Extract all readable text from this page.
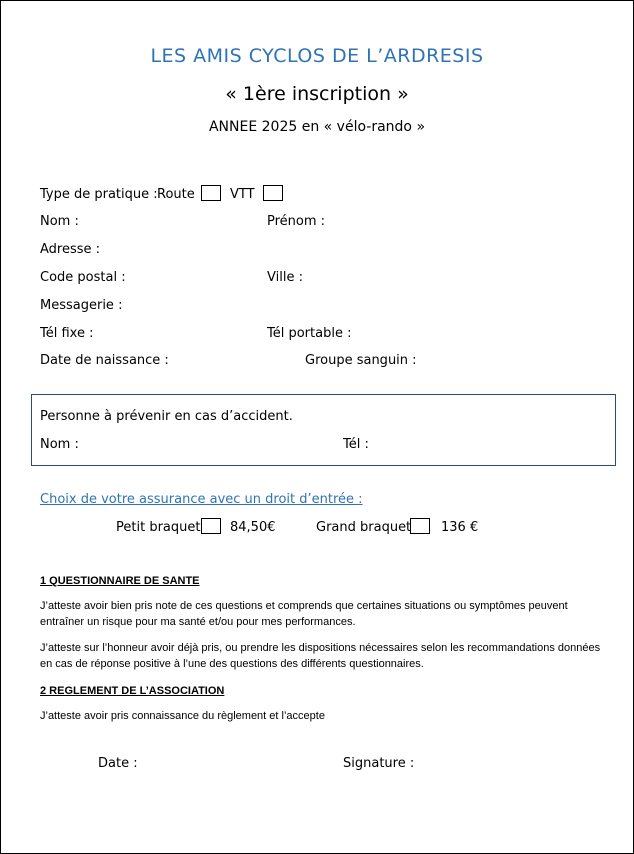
LES AMIS CYCLOS DE L’ARDRESIS
« 1ère inscription »
ANNEE 2025 en « vélo-rando »
Type de pratique : Route	VTT
Nom :	Prénom :
Adresse :
Code postal :	Ville :
Messagerie :
Tél fixe :	Tél portable :
Date de naissance :	Groupe sanguin :
Personne à prévenir en cas d’accident.
Nom :	Tél :
Choix de votre assurance avec un droit d’entrée :
Petit braquet 84,50€	Grand braquet 136 €
1 QUESTIONNAIRE DE SANTE
J’atteste avoir bien pris note de ces questions et comprends que certaines situations ou symptômes peuvent entraîner un risque pour ma santé et/ou pour mes performances.
J’atteste sur l’honneur avoir déjà pris, ou prendre les dispositions nécessaires selon les recommandations données en cas de réponse positive à l’une des questions des différents questionnaires.
2 REGLEMENT DE L’ASSOCIATION
J’atteste avoir pris connaissance du règlement et l’accepte
Date :	Signature :
